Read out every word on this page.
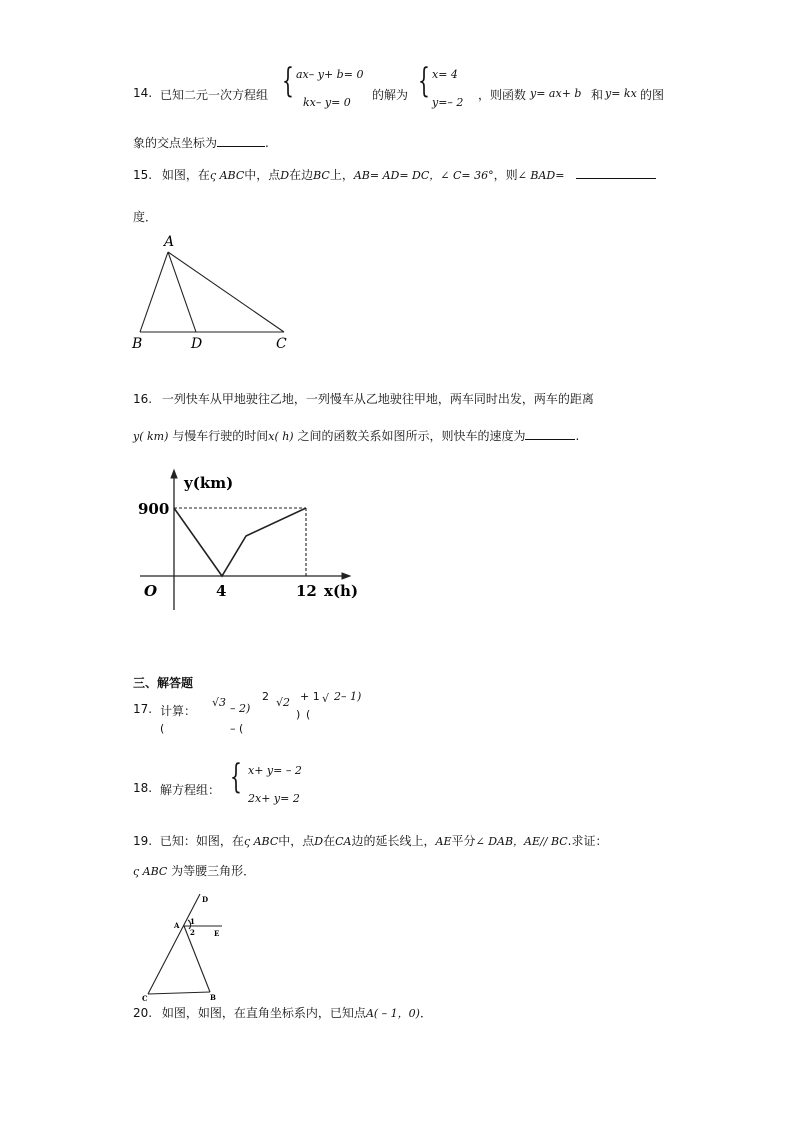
14. 已知二元一次方程组 { ax– y+ b= 0
kx– y= 0
的解为 { x= 4
y=– 2
，则函数 y= ax+ b 和 y= kx 的图
象的交点坐标为	.
15. 如图，在ς ABC中，点D在边BC上，AB= AD= DC，∠ C= 36°，则∠ BAD=
度．
A
B	D	C
16. 一列快车从甲地驶往乙地，一列慢车从乙地驶往甲地，两车同时出发，两车的距离
y( km) 与慢车行驶的时间x( h) 之间的函数关系如图所示，则快车的速度为	.
y(km)
900
O	4	12 x(h)
三、解答题
17. 计算：
√3 – 2)
2 √2 + 1
) (
√ 2– 1)
(	– (
18. 解方程组： { x+ y= – 2
2x+ y= 2
19. 已知：如图，在ς ABC中，点D在CA边的延长线上，AE平分∠ DAB，AE// BC.求证：
ς ABC 为等腰三角形．
D
A 1
2	E
C	B
20. 如图，如图，在直角坐标系内，已知点A( – 1，0)．
